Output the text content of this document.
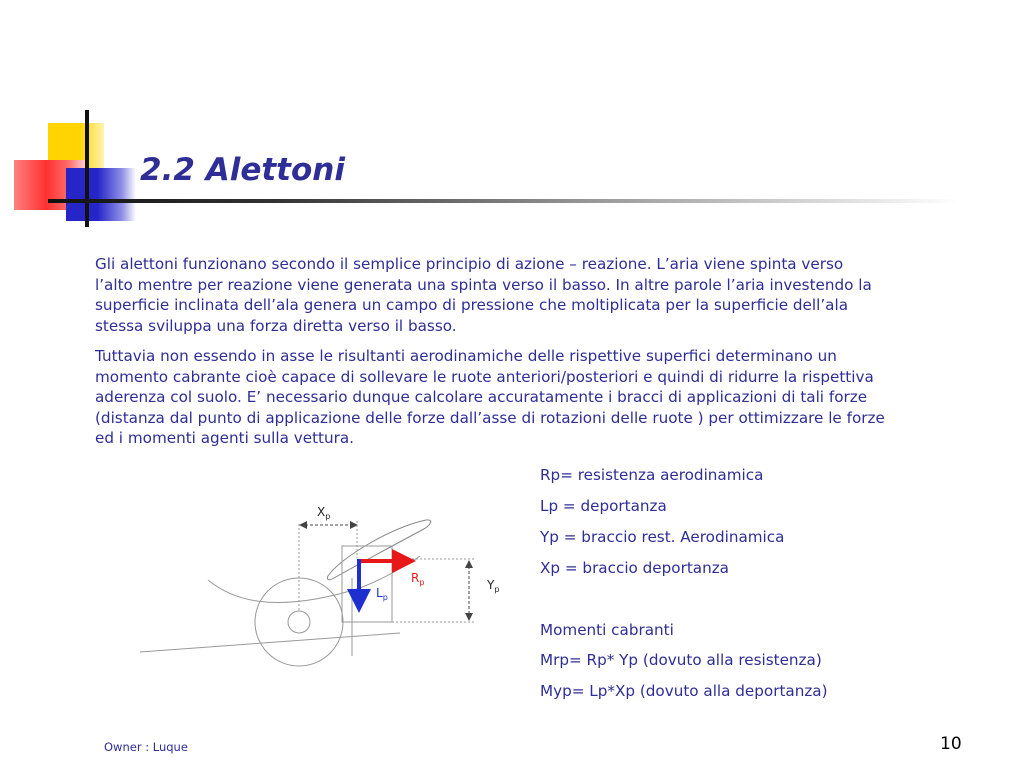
2.2 Alettoni

Gli alettoni funzionano secondo il semplice principio di azione – reazione. L’aria viene spinta verso l’alto mentre per reazione viene generata una spinta verso il basso. In altre parole l’aria investendo la superficie inclinata dell’ala genera un campo di pressione che moltiplicata per la superficie dell’ala stessa sviluppa una forza diretta verso il basso.

Tuttavia non essendo in asse le risultanti aerodinamiche delle rispettive superfici determinano un momento cabrante cioè capace di sollevare le ruote anteriori/posteriori e quindi di ridurre la rispettiva aderenza col suolo. E’ necessario dunque calcolare accuratamente i bracci di applicazioni di tali forze (distanza dal punto di applicazione delle forze dall’asse di rotazioni delle ruote ) per ottimizzare le forze ed i momenti agenti sulla vettura.

Rp= resistenza aerodinamica

Lp = deportanza

Yp = braccio rest. Aerodinamica

Xp = braccio deportanza

Momenti cabranti

Mrp= Rp* Yp (dovuto alla resistenza)

Myp= Lp*Xp (dovuto alla deportanza)

$X_p$
$Y_p$
$R_p$
$L_p$
Owner : Luque	10
